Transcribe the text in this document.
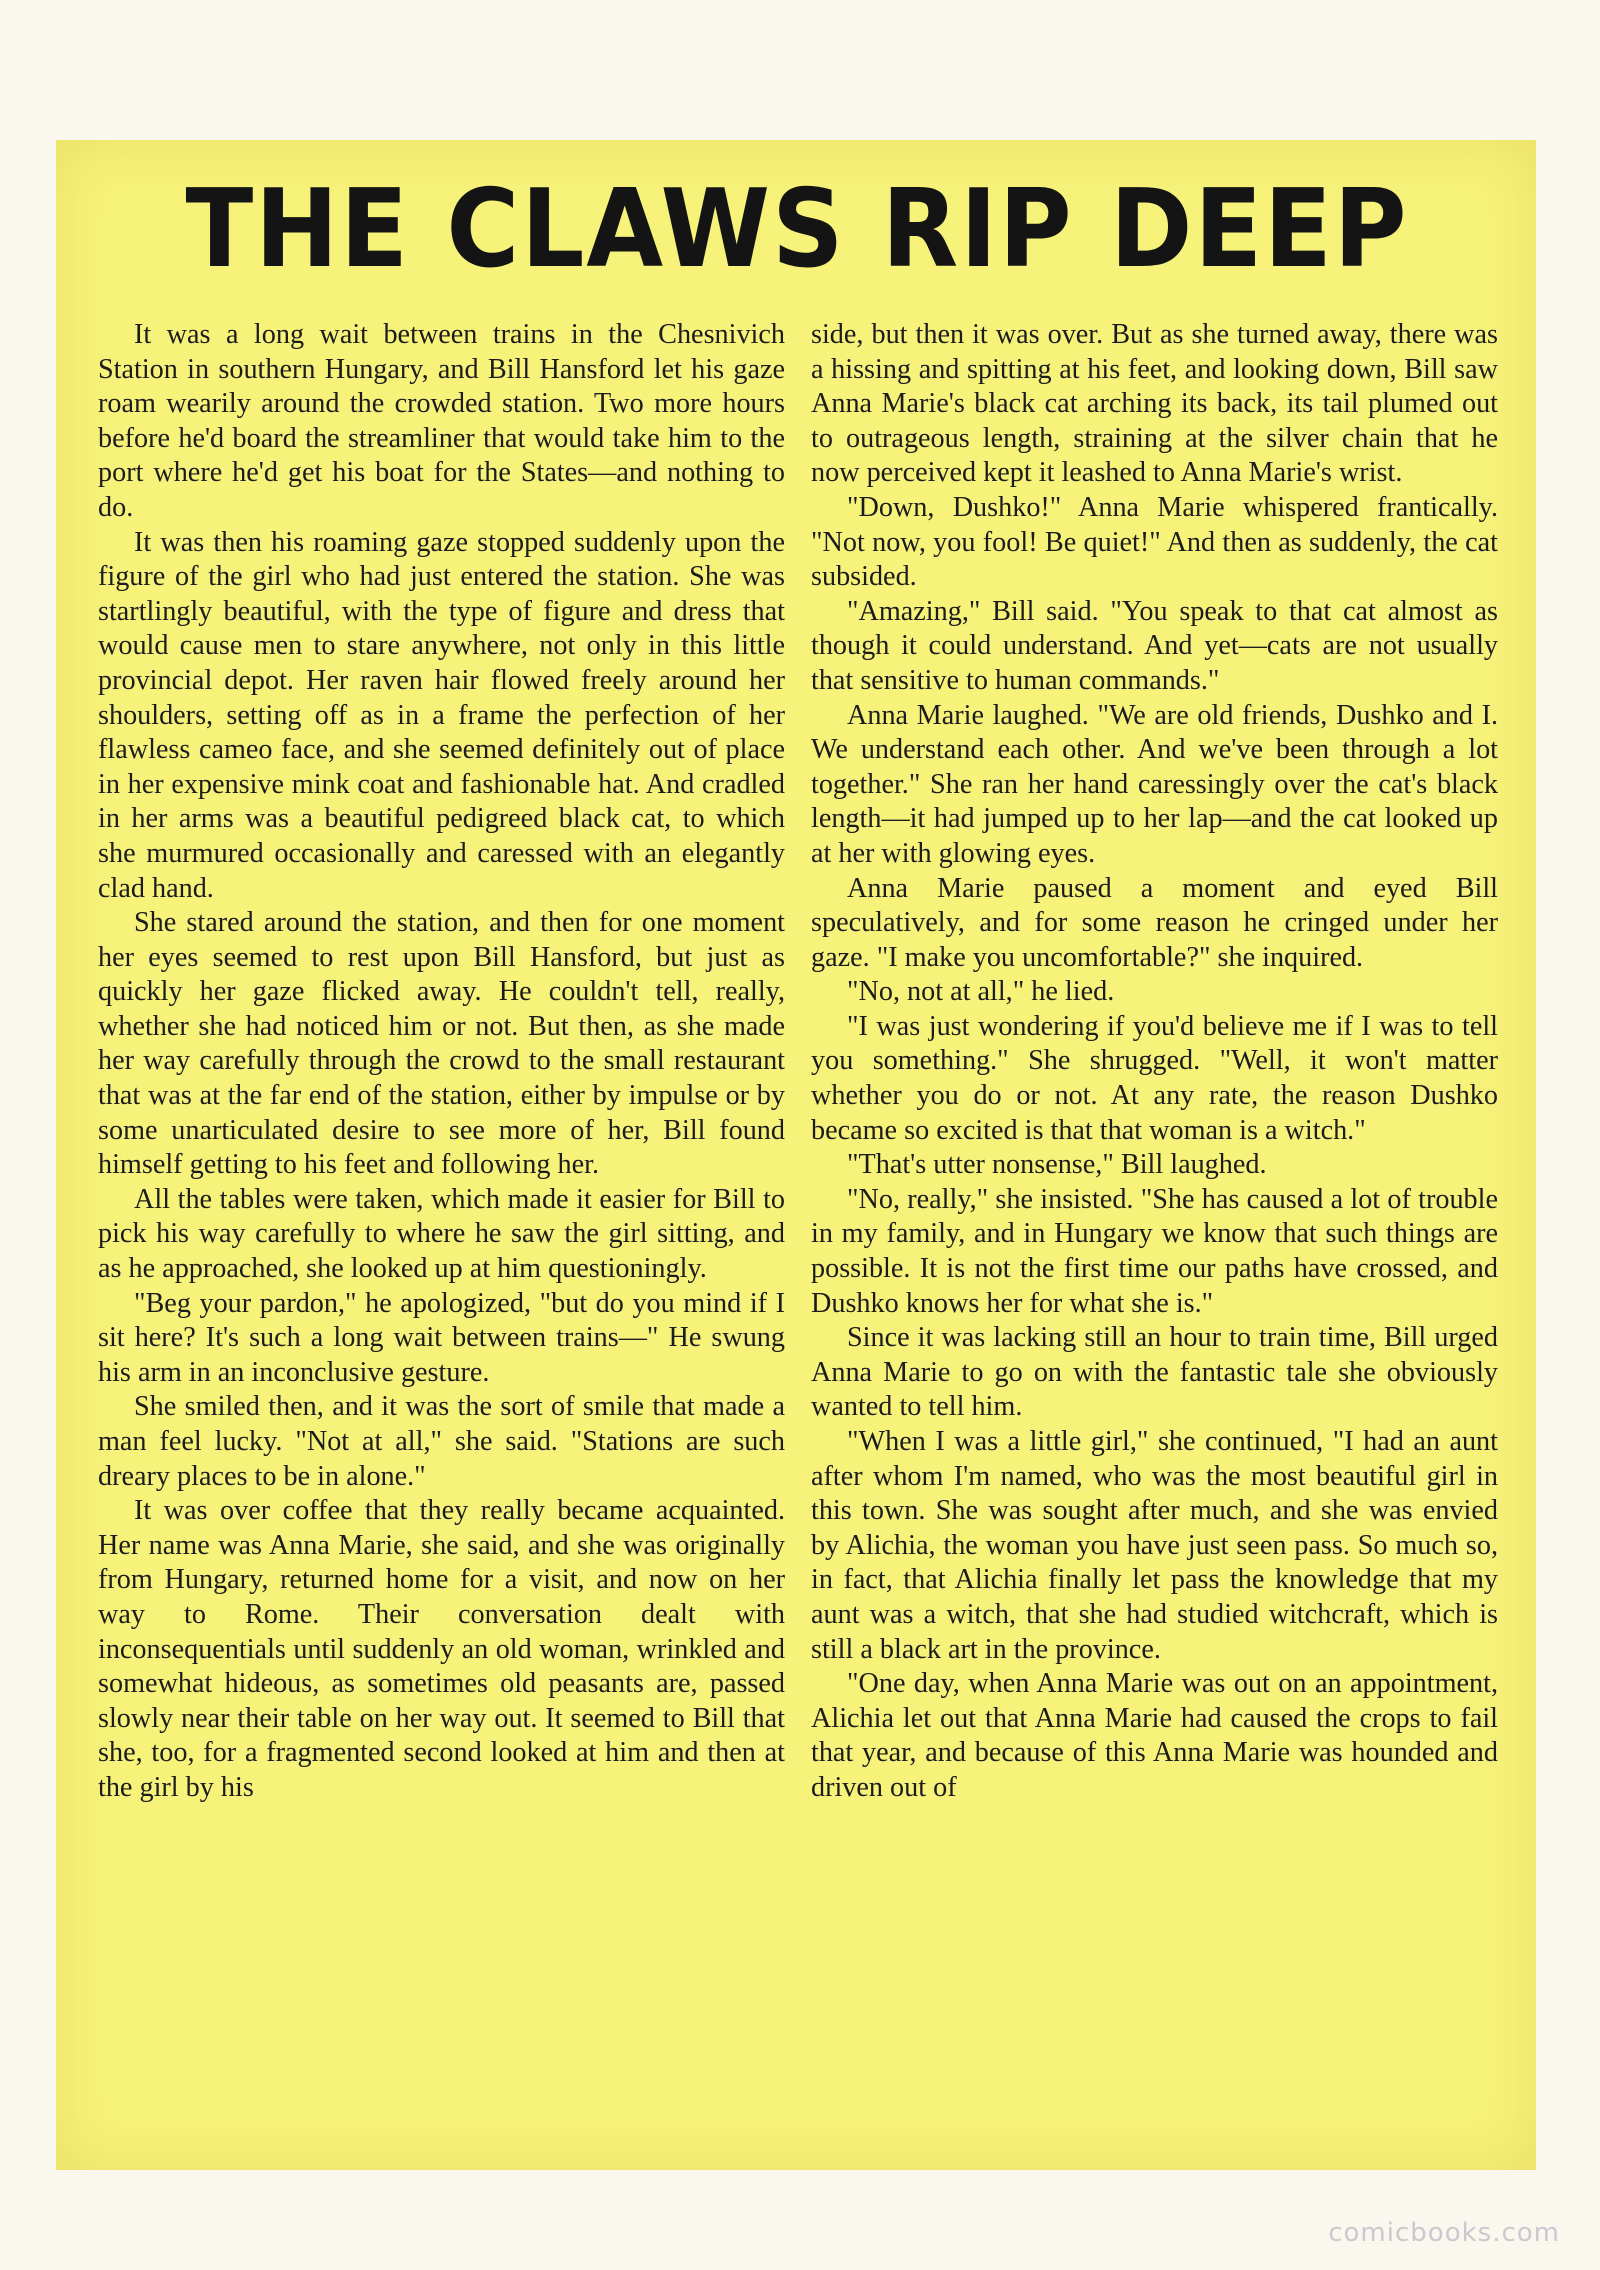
THE CLAWS RIP DEEP

It was a long wait between trains in the Chesnivich Station in southern Hungary, and Bill Hansford let his gaze roam wearily around the crowded station. Two more hours before he'd board the streamliner that would take him to the port where he'd get his boat for the States—and nothing to do.

It was then his roaming gaze stopped suddenly upon the figure of the girl who had just entered the station. She was startlingly beautiful, with the type of figure and dress that would cause men to stare anywhere, not only in this little provincial depot. Her raven hair flowed freely around her shoulders, setting off as in a frame the perfection of her flawless cameo face, and she seemed definitely out of place in her expensive mink coat and fashionable hat. And cradled in her arms was a beautiful pedigreed black cat, to which she murmured occasionally and caressed with an elegantly clad hand.

She stared around the station, and then for one moment her eyes seemed to rest upon Bill Hansford, but just as quickly her gaze flicked away. He couldn't tell, really, whether she had noticed him or not. But then, as she made her way carefully through the crowd to the small restaurant that was at the far end of the station, either by impulse or by some unarticulated desire to see more of her, Bill found himself getting to his feet and following her.

All the tables were taken, which made it easier for Bill to pick his way carefully to where he saw the girl sitting, and as he approached, she looked up at him questioningly.

"Beg your pardon," he apologized, "but do you mind if I sit here? It's such a long wait between trains—" He swung his arm in an inconclusive gesture.

She smiled then, and it was the sort of smile that made a man feel lucky. "Not at all," she said. "Stations are such dreary places to be in alone."

It was over coffee that they really became acquainted. Her name was Anna Marie, she said, and she was originally from Hungary, returned home for a visit, and now on her way to Rome. Their conversation dealt with inconsequentials until suddenly an old woman, wrinkled and somewhat hideous, as sometimes old peasants are, passed slowly near their table on her way out. It seemed to Bill that she, too, for a fragmented second looked at him and then at the girl by his

side, but then it was over. But as she turned away, there was a hissing and spitting at his feet, and looking down, Bill saw Anna Marie's black cat arching its back, its tail plumed out to outrageous length, straining at the silver chain that he now perceived kept it leashed to Anna Marie's wrist.

"Down, Dushko!" Anna Marie whispered frantically. "Not now, you fool! Be quiet!" And then as suddenly, the cat subsided.

"Amazing," Bill said. "You speak to that cat almost as though it could understand. And yet—cats are not usually that sensitive to human commands."

Anna Marie laughed. "We are old friends, Dushko and I. We understand each other. And we've been through a lot together." She ran her hand caressingly over the cat's black length—it had jumped up to her lap—and the cat looked up at her with glowing eyes.

Anna Marie paused a moment and eyed Bill speculatively, and for some reason he cringed under her gaze. "I make you uncomfortable?" she inquired.

"No, not at all," he lied.

"I was just wondering if you'd believe me if I was to tell you something." She shrugged. "Well, it won't matter whether you do or not. At any rate, the reason Dushko became so excited is that that woman is a witch."

"That's utter nonsense," Bill laughed.

"No, really," she insisted. "She has caused a lot of trouble in my family, and in Hungary we know that such things are possible. It is not the first time our paths have crossed, and Dushko knows her for what she is."

Since it was lacking still an hour to train time, Bill urged Anna Marie to go on with the fantastic tale she obviously wanted to tell him.

"When I was a little girl," she continued, "I had an aunt after whom I'm named, who was the most beautiful girl in this town. She was sought after much, and she was envied by Alichia, the woman you have just seen pass. So much so, in fact, that Alichia finally let pass the knowledge that my aunt was a witch, that she had studied witchcraft, which is still a black art in the province.

"One day, when Anna Marie was out on an appointment, Alichia let out that Anna Marie had caused the crops to fail that year, and because of this Anna Marie was hounded and driven out of

comicbooks.com
